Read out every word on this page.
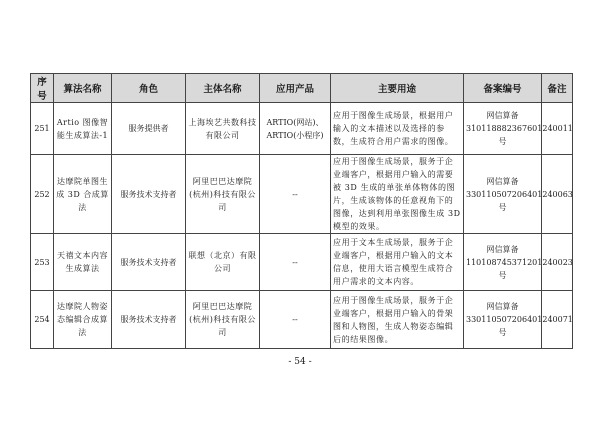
序号	算法名称	角色	主体名称	应用产品	主要用途	备案编号	备注
251	Artio 图像智能生成算法-1	服务提供者	上海埃艺共数科技有限公司	ARTIO(网站)、ARTIO(小程序)	应用于图像生成场景，根据用户输入的文本描述以及选择的参数，生成符合用户需求的图像。	网信算备 310118882367601240011 号	
252	达摩院单图生成 3D 合成算法	服务技术支持者	阿里巴巴达摩院(杭州)科技有限公司	--	应用于图像生成场景，服务于企业端客户，根据用户输入的需要被 3D 生成的单张单体物体的图片，生成该物体的任意视角下的图像，达到利用单张图像生成 3D 模型的效果。	网信算备 330110507206401240063 号	
253	天禧文本内容生成算法	服务技术支持者	联想（北京）有限公司	--	应用于文本生成场景，服务于企业端客户，根据用户输入的文本信息，使用大语言模型生成符合用户需求的文本内容。	网信算备 110108745371201240023 号	
254	达摩院人物姿态编辑合成算法	服务技术支持者	阿里巴巴达摩院(杭州)科技有限公司	--	应用于图像生成场景，服务于企业端客户，根据用户输入的骨架图和人物图，生成人物姿态编辑后的结果图像。	网信算备 330110507206401240071 号	
- 54 -
